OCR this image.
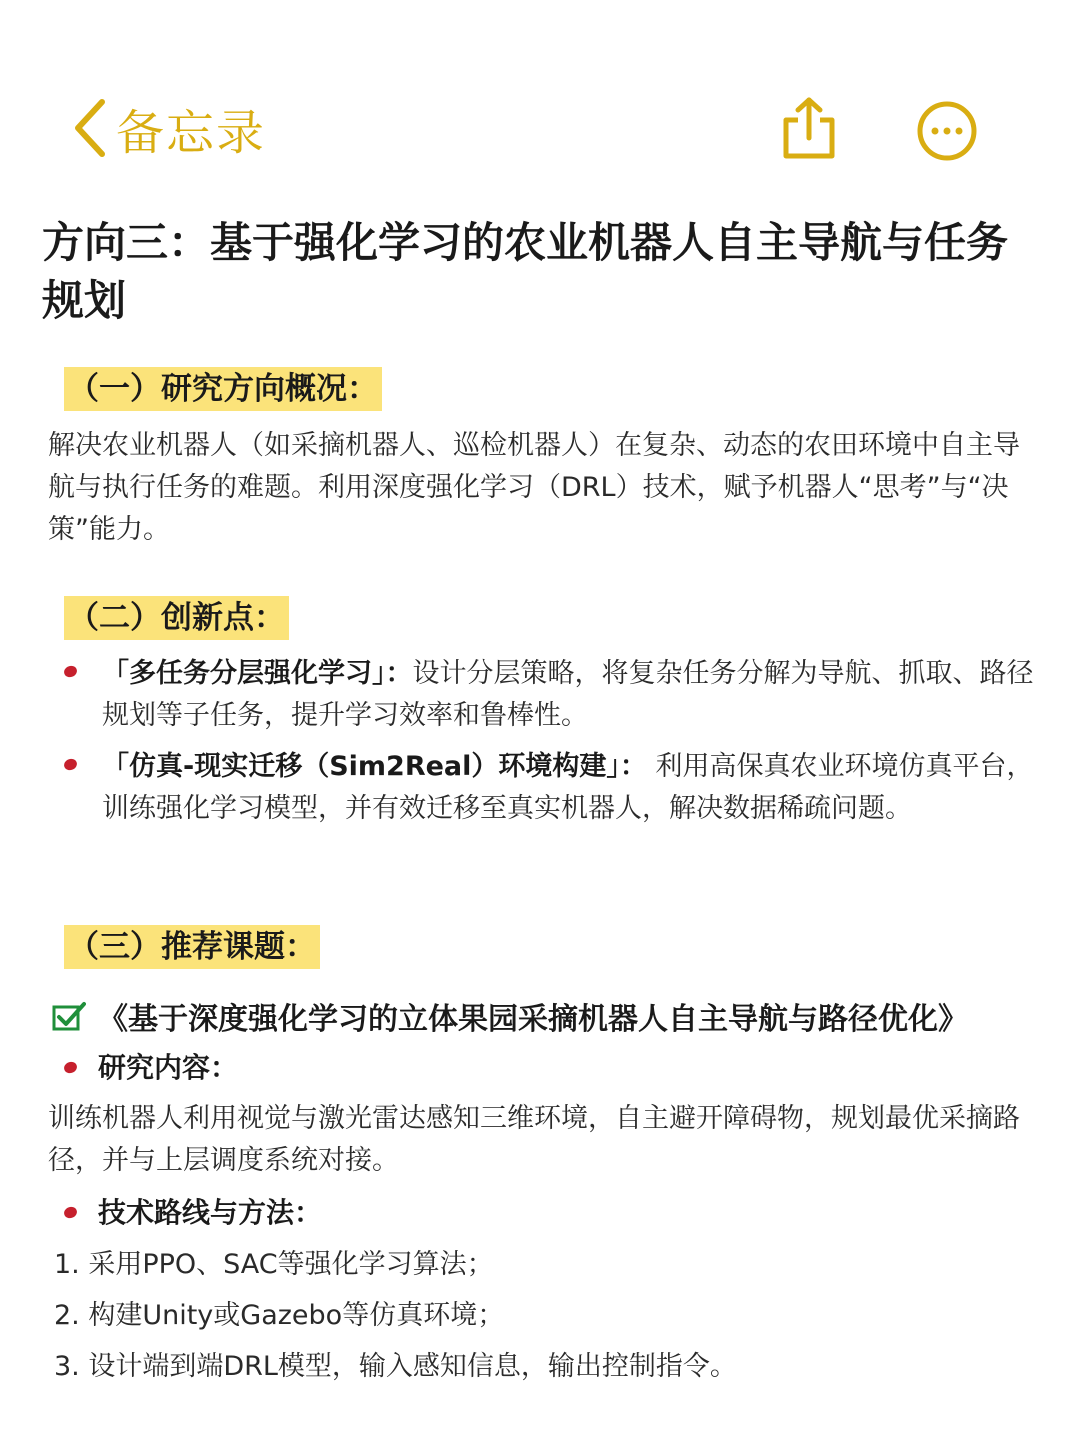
备忘录
方向三：基于强化学习的农业机器人自主导航与任务规划
（一）研究方向概况：

解决农业机器人（如采摘机器人、巡检机器人）在复杂、动态的农田环境中自主导航与执行任务的难题。利用深度强化学习（DRL）技术，赋予机器人“思考”与“决策”能力。

（二）创新点：
「多任务分层强化学习」：设计分层策略，将复杂任务分解为导航、抓取、路径规划等子任务，提升学习效率和鲁棒性。
「仿真-现实迁移（Sim2Real）环境构建」： 利用高保真农业环境仿真平台，训练强化学习模型，并有效迁移至真实机器人，解决数据稀疏问题。
（三）推荐课题：
《基于深度强化学习的立体果园采摘机器人自主导航与路径优化》
研究内容：

训练机器人利用视觉与激光雷达感知三维环境，自主避开障碍物，规划最优采摘路径，并与上层调度系统对接。

技术路线与方法：
1. 采用PPO、SAC等强化学习算法；
2. 构建Unity或Gazebo等仿真环境；
3. 设计端到端DRL模型，输入感知信息，输出控制指令。
